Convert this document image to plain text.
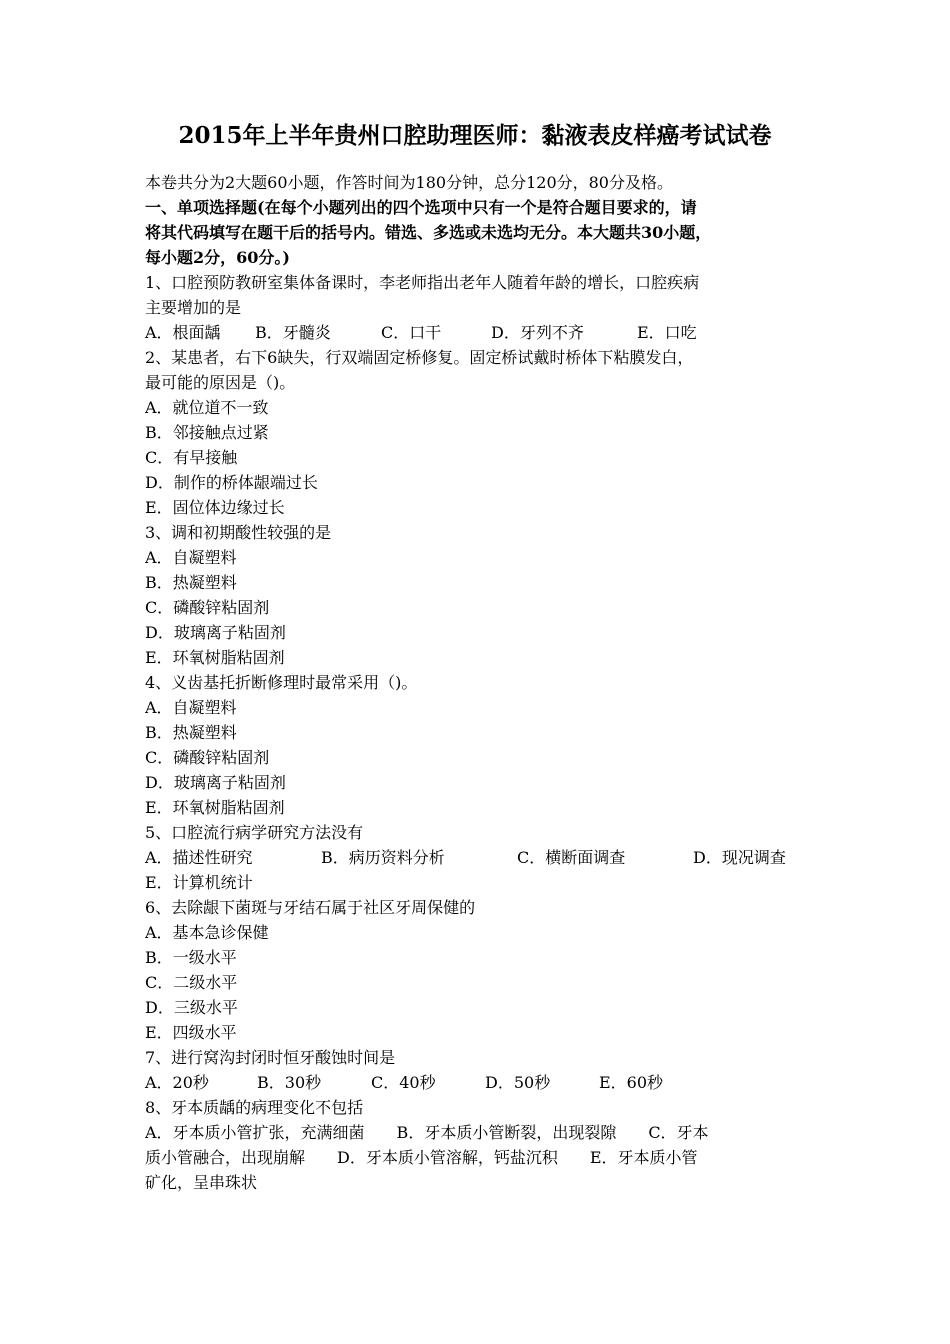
2015年上半年贵州口腔助理医师：黏液表皮样癌考试试卷
本卷共分为2大题60小题，作答时间为180分钟，总分120分，80分及格。
一、单项选择题(在每个小题列出的四个选项中只有一个是符合题目要求的，请
将其代码填写在题干后的括号内。错选、多选或未选均无分。本大题共30小题，
每小题2分，60分。)
1、口腔预防教研室集体备课时，李老师指出老年人随着年龄的增长，口腔疾病
主要增加的是
A．根面龋	B．牙髓炎	C．口干	D．牙列不齐	E．口吃
2、某患者，右下6缺失，行双端固定桥修复。固定桥试戴时桥体下粘膜发白，
最可能的原因是（)。
A．就位道不一致
B．邻接触点过紧
C．有早接触
D．制作的桥体龈端过长
E．固位体边缘过长
3、调和初期酸性较强的是
A．自凝塑料
B．热凝塑料
C．磷酸锌粘固剂
D．玻璃离子粘固剂
E．环氧树脂粘固剂
4、义齿基托折断修理时最常采用（)。
A．自凝塑料
B．热凝塑料
C．磷酸锌粘固剂
D．玻璃离子粘固剂
E．环氧树脂粘固剂
5、口腔流行病学研究方法没有
A．描述性研究	B．病历资料分析	C．横断面调查	D．现况调查
E．计算机统计
6、去除龈下菌斑与牙结石属于社区牙周保健的
A．基本急诊保健
B．一级水平
C．二级水平
D．三级水平
E．四级水平
7、进行窝沟封闭时恒牙酸蚀时间是
A．20秒	B．30秒	C．40秒	D．50秒	E．60秒
8、牙本质龋的病理变化不包括
A．牙本质小管扩张，充满细菌　　B．牙本质小管断裂，出现裂隙　　C．牙本
质小管融合，出现崩解　　D．牙本质小管溶解，钙盐沉积　　E．牙本质小管
矿化，呈串珠状
